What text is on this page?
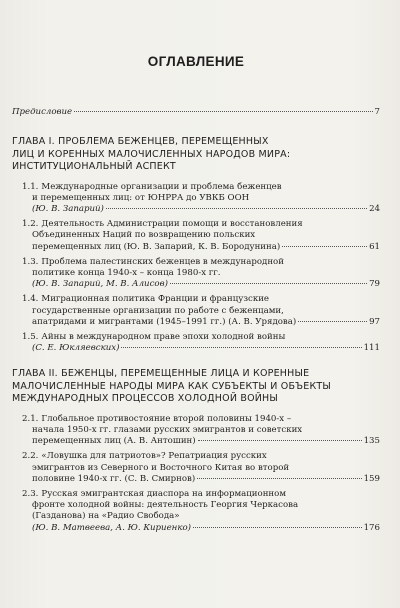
ОГЛАВЛЕНИЕ
Предисловие	7
ГЛАВА I. ПРОБЛЕМА БЕЖЕНЦЕВ, ПЕРЕМЕЩЕННЫХ
ЛИЦ И КОРЕННЫХ МАЛОЧИСЛЕННЫХ НАРОДОВ МИРА:
ИНСТИТУЦИОНАЛЬНЫЙ АСПЕКТ
1.1. Международные организации и проблема беженцев
и перемещенных лиц: от ЮНРРА до УВКБ ООН
(Ю. В. Запарий)	24
1.2. Деятельность Администрации помощи и восстановления
Объединенных Наций по возвращению польских
перемещенных лиц (Ю. В. Запарий, К. В. Бородунина)	61
1.3. Проблема палестинских беженцев в международной
политике конца 1940-х – конца 1980-х гг.
(Ю. В. Запарий, М. В. Алисов)	79
1.4. Миграционная политика Франции и французские
государственные организации по работе с беженцами,
апатридами и мигрантами (1945–1991 гг.) (А. В. Урядова)	97
1.5. Айны в международном праве эпохи холодной войны
(С. Е. Юкляевских)	111
ГЛАВА II. БЕЖЕНЦЫ, ПЕРЕМЕЩЕННЫЕ ЛИЦА И КОРЕННЫЕ
МАЛОЧИСЛЕННЫЕ НАРОДЫ МИРА КАК СУБЪЕКТЫ И ОБЪЕКТЫ
МЕЖДУНАРОДНЫХ ПРОЦЕССОВ ХОЛОДНОЙ ВОЙНЫ
2.1. Глобальное противостояние второй половины 1940-х –
начала 1950-х гг. глазами русских эмигрантов и советских
перемещенных лиц (А. В. Антошин)	135
2.2. «Ловушка для патриотов»? Репатриация русских
эмигрантов из Северного и Восточного Китая во второй
половине 1940-х гг. (С. В. Смирнов)	159
2.3. Русская эмигрантская диаспора на информационном
фронте холодной войны: деятельность Георгия Черкасова
(Газданова) на «Радио Свобода»
(Ю. В. Матвеева, А. Ю. Кириенко)	176
